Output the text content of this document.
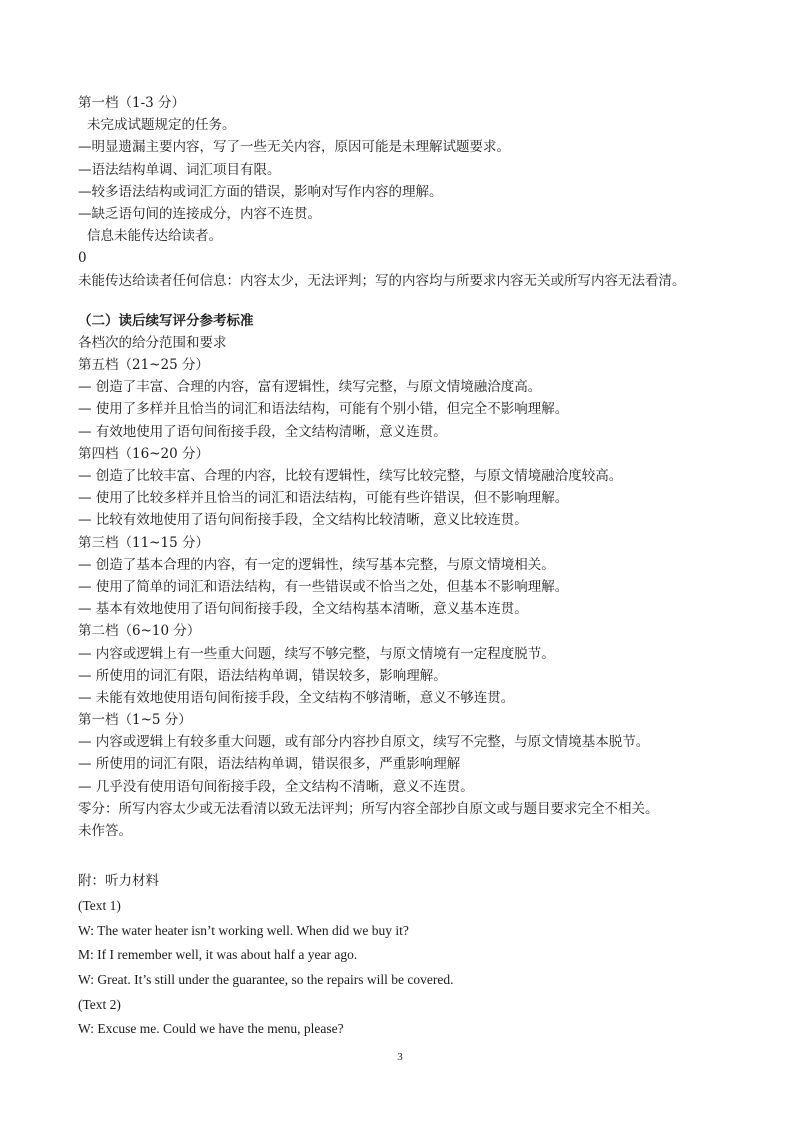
第一档（1-3 分）
未完成试题规定的任务。
—明显遗漏主要内容，写了一些无关内容，原因可能是未理解试题要求。
—语法结构单调、词汇项目有限。
—较多语法结构或词汇方面的错误，影响对写作内容的理解。
—缺乏语句间的连接成分，内容不连贯。
信息未能传达给读者。
0
未能传达给读者任何信息：内容太少，无法评判；写的内容均与所要求内容无关或所写内容无法看清。
（二）读后续写评分参考标准
各档次的给分范围和要求
第五档（21~25 分）
— 创造了丰富、合理的内容，富有逻辑性，续写完整，与原文情境融洽度高。
— 使用了多样并且恰当的词汇和语法结构，可能有个别小错，但完全不影响理解。
— 有效地使用了语句间衔接手段，全文结构清晰，意义连贯。
第四档（16~20 分）
— 创造了比较丰富、合理的内容，比较有逻辑性，续写比较完整，与原文情境融洽度较高。
— 使用了比较多样并且恰当的词汇和语法结构，可能有些许错误，但不影响理解。
— 比较有效地使用了语句间衔接手段，全文结构比较清晰，意义比较连贯。
第三档（11~15 分）
— 创造了基本合理的内容，有一定的逻辑性，续写基本完整，与原文情境相关。
— 使用了简单的词汇和语法结构，有一些错误或不恰当之处，但基本不影响理解。
— 基本有效地使用了语句间衔接手段，全文结构基本清晰，意义基本连贯。
第二档（6~10 分）
— 内容或逻辑上有一些重大问题，续写不够完整，与原文情境有一定程度脱节。
— 所使用的词汇有限，语法结构单调，错误较多，影响理解。
— 未能有效地使用语句间衔接手段，全文结构不够清晰，意义不够连贯。
第一档（1~5 分）
— 内容或逻辑上有较多重大问题，或有部分内容抄自原文，续写不完整，与原文情境基本脱节。
— 所使用的词汇有限，语法结构单调，错误很多，严重影响理解
— 几乎没有使用语句间衔接手段，全文结构不清晰，意义不连贯。
零分：所写内容太少或无法看清以致无法评判；所写内容全部抄自原文或与题目要求完全不相关。
未作答。
附：听力材料
(Text 1)
W: The water heater isn’t working well. When did we buy it?
M: If I remember well, it was about half a year ago.
W: Great. It’s still under the guarantee, so the repairs will be covered.
(Text 2)
W: Excuse me. Could we have the menu, please?
3
